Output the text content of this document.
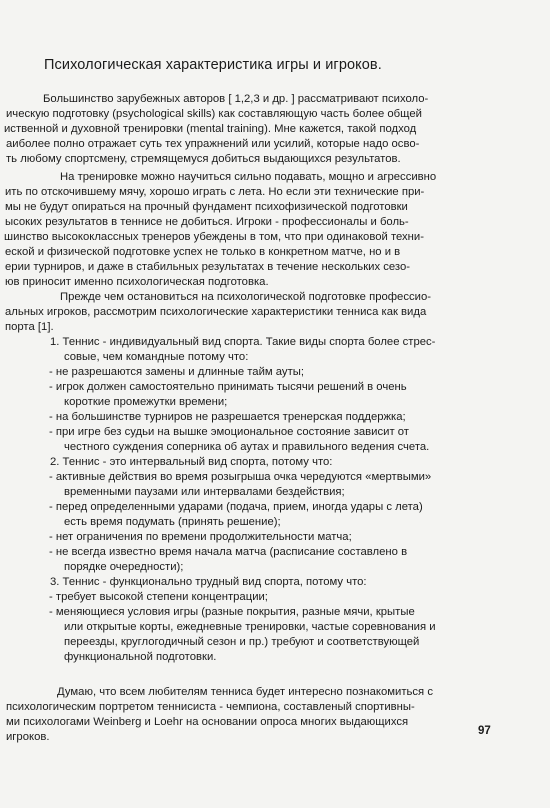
Психологическая характеристика игры и игроков.
Большинство зарубежных авторов [ 1,2,3 и др. ] рассматривают психоло-
ическую подготовку (psychological skills) как составляющую часть более общей
иственной и духовной тренировки (mental training). Мне кажется, такой подход
аиболее полно отражает суть тех упражнений или усилий, которые надо осво-
ть любому спортсмену, стремящемуся добиться выдающихся результатов.
На тренировке можно научиться сильно подавать, мощно и агрессивно
ить по отскочившему мячу, хорошо играть с лета. Но если эти технические при-
мы не будут опираться на прочный фундамент психофизической подготовки
ысоких результатов в теннисе не добиться. Игроки - профессионалы и боль-
шинство высококлассных тренеров убеждены в том, что при одинаковой техни-
еской и физической подготовке успех не только в конкретном матче, но и в
ерии турниров, и даже в стабильных результатах в течение нескольких сезо-
юв приносит именно психологическая подготовка.
Прежде чем остановиться на психологической подготовке профессио-
альных игроков, рассмотрим психологические характеристики тенниса как вида
порта [1].
1. Теннис - индивидуальный вид спорта. Такие виды спорта более стрес-
совые, чем командные потому что:
- не разрешаются замены и длинные тайм ауты;
- игрок должен самостоятельно принимать тысячи решений в очень
короткие промежутки времени;
- на большинстве турниров не разрешается тренерская поддержка;
- при игре без судьи на вышке эмоциональное состояние зависит от
честного суждения соперника об аутах и правильного ведения счета.
2. Теннис - это интервальный вид спорта, потому что:
- активные действия во время розыгрыша очка чередуются «мертвыми»
временными паузами или интервалами бездействия;
- перед определенными ударами (подача, прием, иногда удары с лета)
есть время подумать (принять решение);
- нет ограничения по времени продолжительности матча;
- не всегда известно время начала матча (расписание составлено в
порядке очередности);
3. Теннис - функционально трудный вид спорта, потому что:
- требует высокой степени концентрации;
- меняющиеся условия игры (разные покрытия, разные мячи, крытые
или открытые корты, ежедневные тренировки, частые соревнования и
переезды, круглогодичный сезон и пр.) требуют и соответствующей
функциональной подготовки.
Думаю, что всем любителям тенниса будет интересно познакомиться с
психологическим портретом теннисиста - чемпиона, составленый спортивны-
ми психологами Weinberg и Loehr на основании опроса многих выдающихся
игроков.	97
